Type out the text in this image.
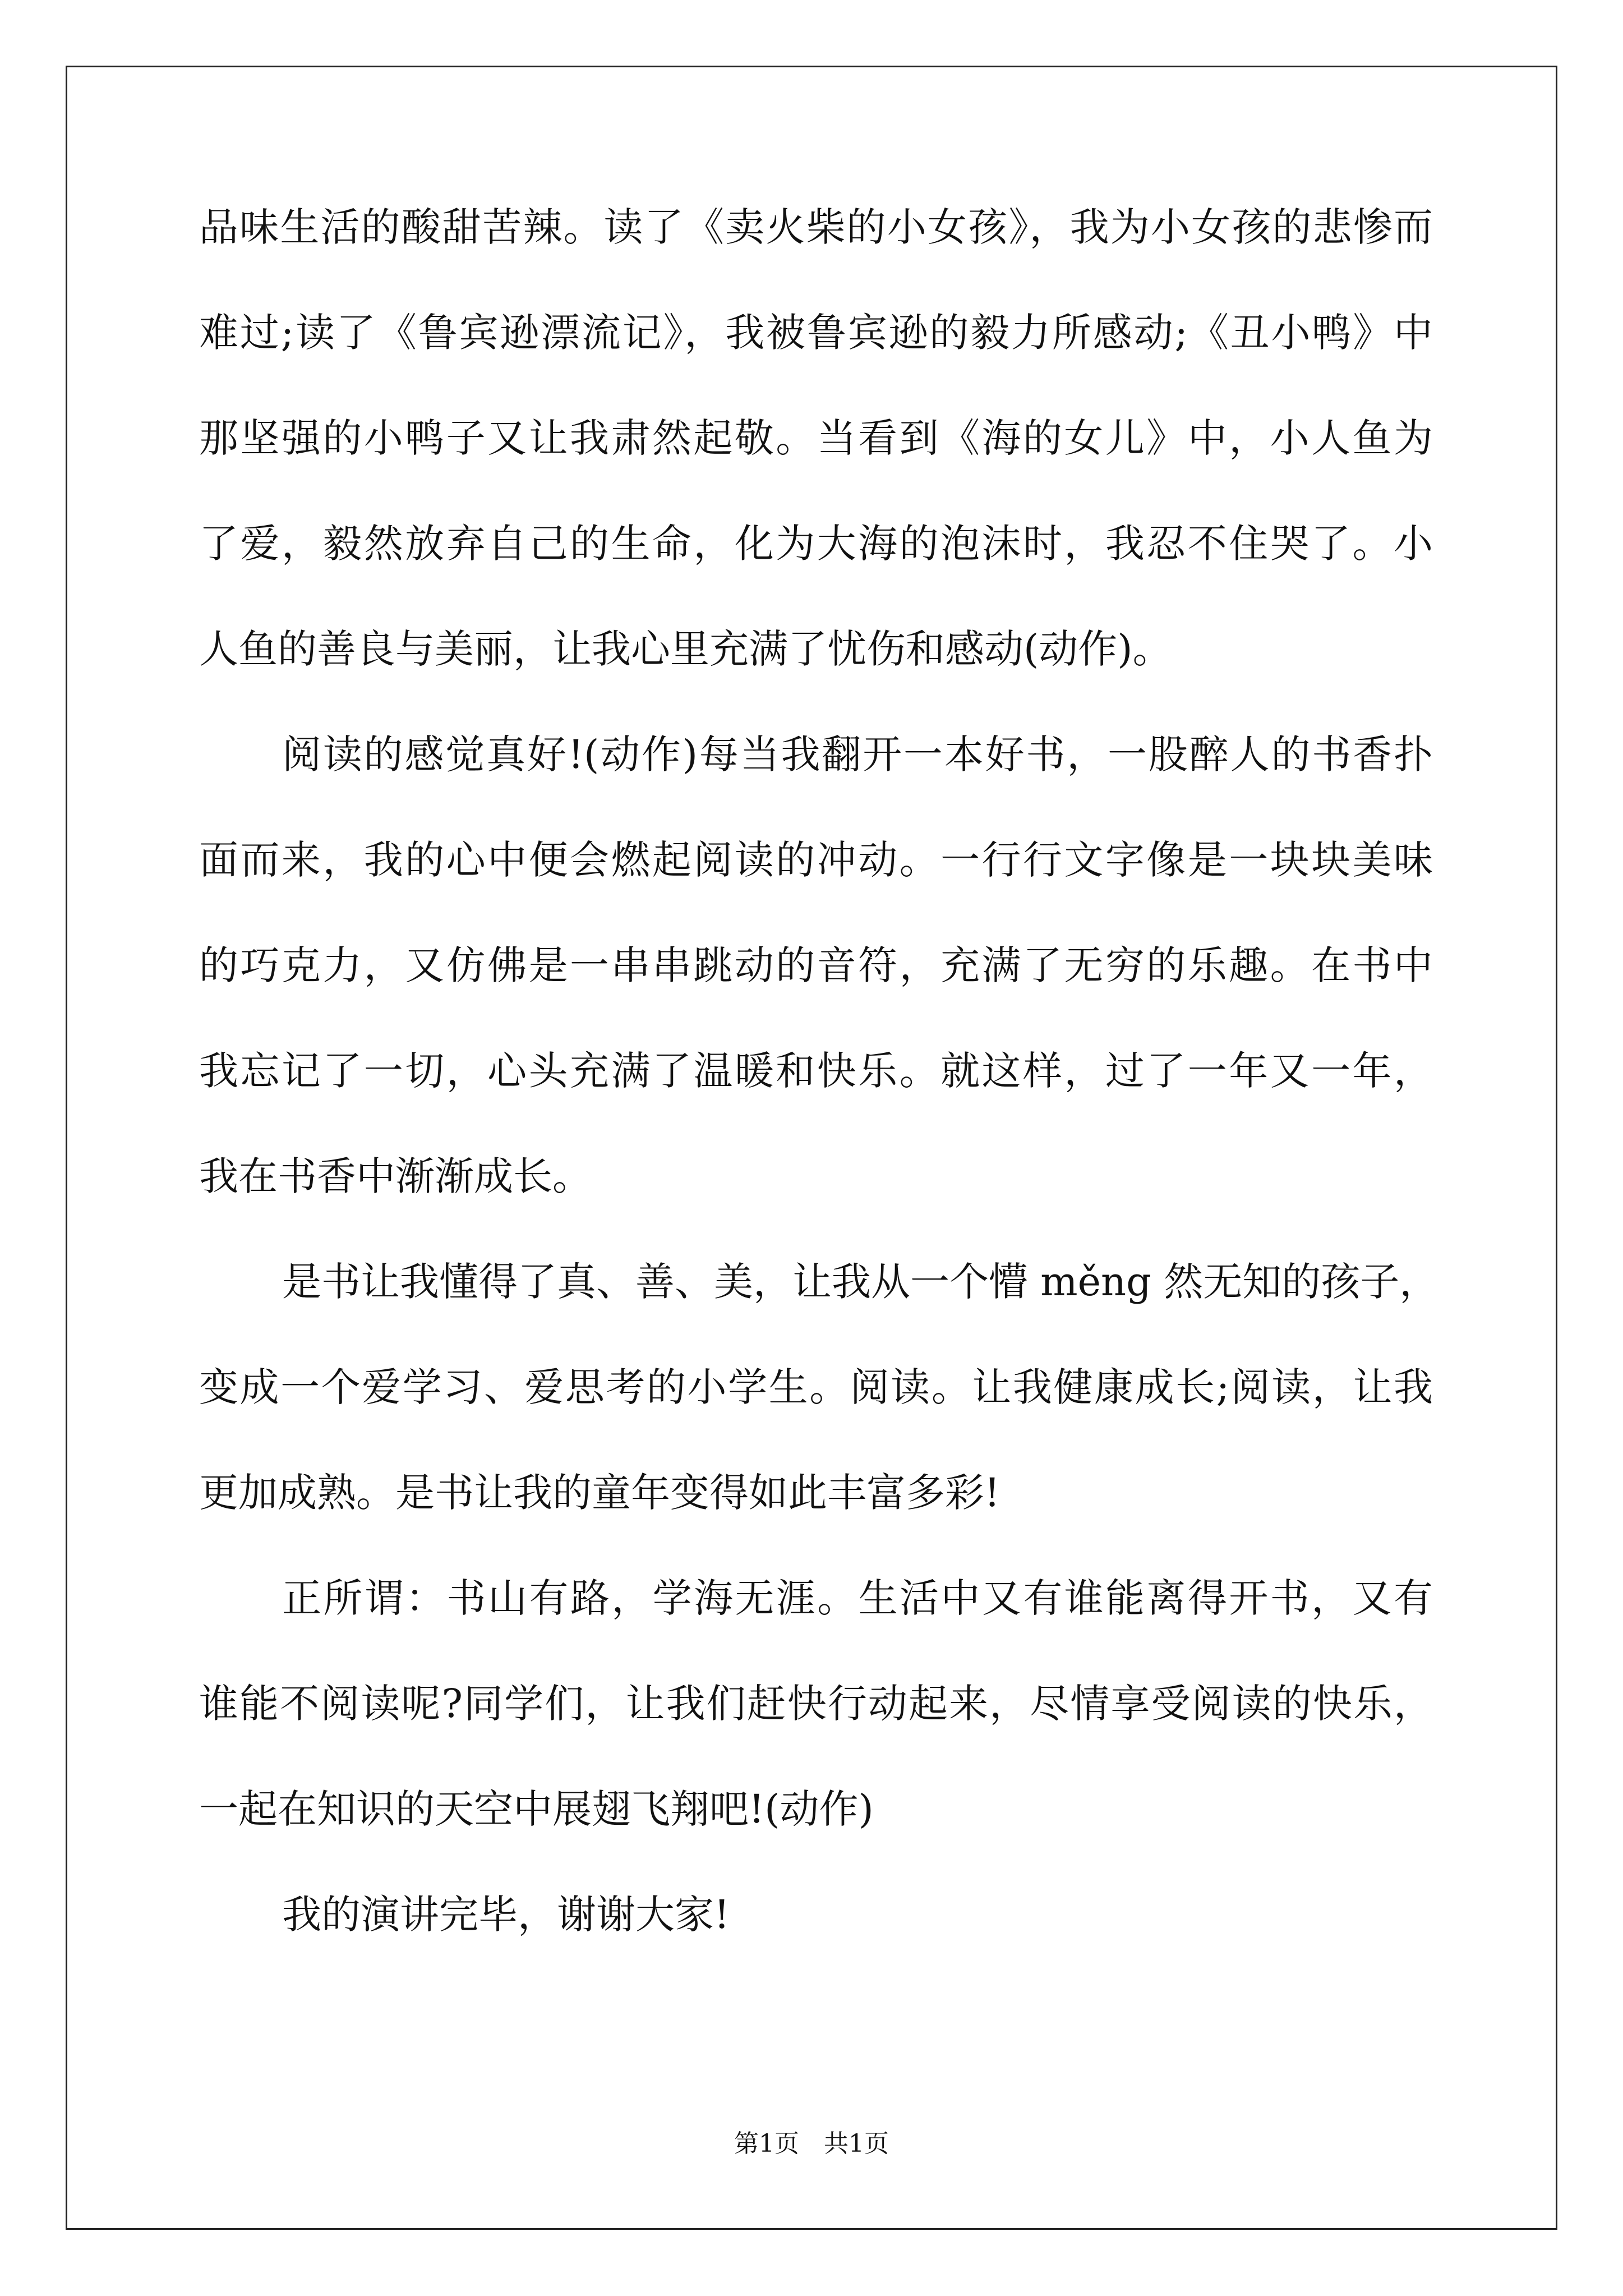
品味生活的酸甜苦辣。读了《卖火柴的小女孩》，我为小女孩的悲惨而
难过;读了《鲁宾逊漂流记》，我被鲁宾逊的毅力所感动;《丑小鸭》中
那坚强的小鸭子又让我肃然起敬。当看到《海的女儿》中，小人鱼为
了爱，毅然放弃自己的生命，化为大海的泡沫时，我忍不住哭了。小
人鱼的善良与美丽，让我心里充满了忧伤和感动(动作)。
阅读的感觉真好!(动作)每当我翻开一本好书，一股醉人的书香扑
面而来，我的心中便会燃起阅读的冲动。一行行文字像是一块块美味
的巧克力，又仿佛是一串串跳动的音符，充满了无穷的乐趣。在书中
我忘记了一切，心头充满了温暖和快乐。就这样，过了一年又一年，
我在书香中渐渐成长。
是书让我懂得了真、善、美，让我从一个懵 měng 然无知的孩子，
变成一个爱学习、爱思考的小学生。阅读。让我健康成长;阅读，让我
更加成熟。是书让我的童年变得如此丰富多彩!
正所谓：书山有路，学海无涯。生活中又有谁能离得开书，又有
谁能不阅读呢?同学们，让我们赶快行动起来，尽情享受阅读的快乐，
一起在知识的天空中展翅飞翔吧!(动作)
我的演讲完毕，谢谢大家!
第1页　共1页
